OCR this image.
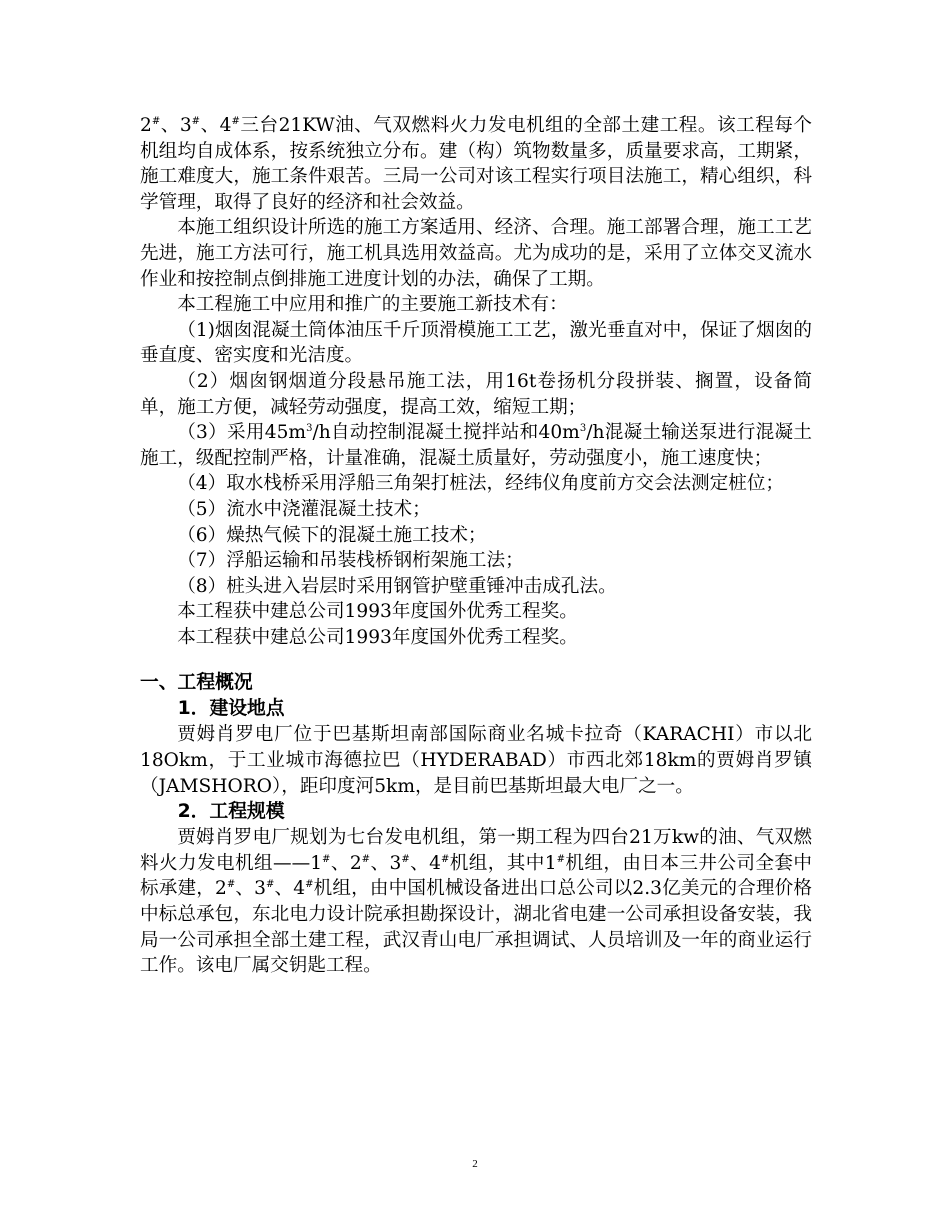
2#、3#、4#三台21KW油、气双燃料火力发电机组的全部土建工程。该工程每个机组均自成体系，按系统独立分布。建（构）筑物数量多，质量要求高，工期紧，施工难度大，施工条件艰苦。三局一公司对该工程实行项目法施工，精心组织，科学管理，取得了良好的经济和社会效益。

本施工组织设计所选的施工方案适用、经济、合理。施工部署合理，施工工艺先进，施工方法可行，施工机具选用效益高。尤为成功的是，采用了立体交叉流水作业和按控制点倒排施工进度计划的办法，确保了工期。

本工程施工中应用和推广的主要施工新技术有：

（1)烟囱混凝土筒体油压千斤顶滑模施工工艺，激光垂直对中，保证了烟囱的垂直度、密实度和光洁度。

（2）烟囱钢烟道分段悬吊施工法，用16t卷扬机分段拼装、搁置，设备简单，施工方便，减轻劳动强度，提高工效，缩短工期；

（3）采用$45m^3/h$自动控制混凝土搅拌站和$40m^3/h$混凝土输送泵进行混凝土施工，级配控制严格，计量准确，混凝土质量好，劳动强度小，施工速度快；

（4）取水栈桥采用浮船三角架打桩法，经纬仪角度前方交会法测定桩位；

（5）流水中浇灌混凝土技术；

（6）燥热气候下的混凝土施工技术；

（7）浮船运输和吊装栈桥钢桁架施工法；

（8）桩头进入岩层时采用钢管护壁重锤冲击成孔法。

本工程获中建总公司1993年度国外优秀工程奖。

本工程获中建总公司1993年度国外优秀工程奖。

一、工程概况

1．建设地点

贾姆肖罗电厂位于巴基斯坦南部国际商业名城卡拉奇（KARACHI）市以北18Okm，于工业城市海德拉巴（HYDERABAD）市西北郊18km的贾姆肖罗镇（JAMSHORO），距印度河5km，是目前巴基斯坦最大电厂之一。

2．工程规模

贾姆肖罗电厂规划为七台发电机组，第一期工程为四台21万kw的油、气双燃料火力发电机组——1#、2#、3#、4#机组，其中1#机组，由日本三井公司全套中标承建，2#、3#、4#机组，由中国机械设备进出口总公司以2.3亿美元的合理价格中标总承包，东北电力设计院承担勘探设计，湖北省电建一公司承担设备安装，我局一公司承担全部土建工程，武汉青山电厂承担调试、人员培训及一年的商业运行工作。该电厂属交钥匙工程。

2
